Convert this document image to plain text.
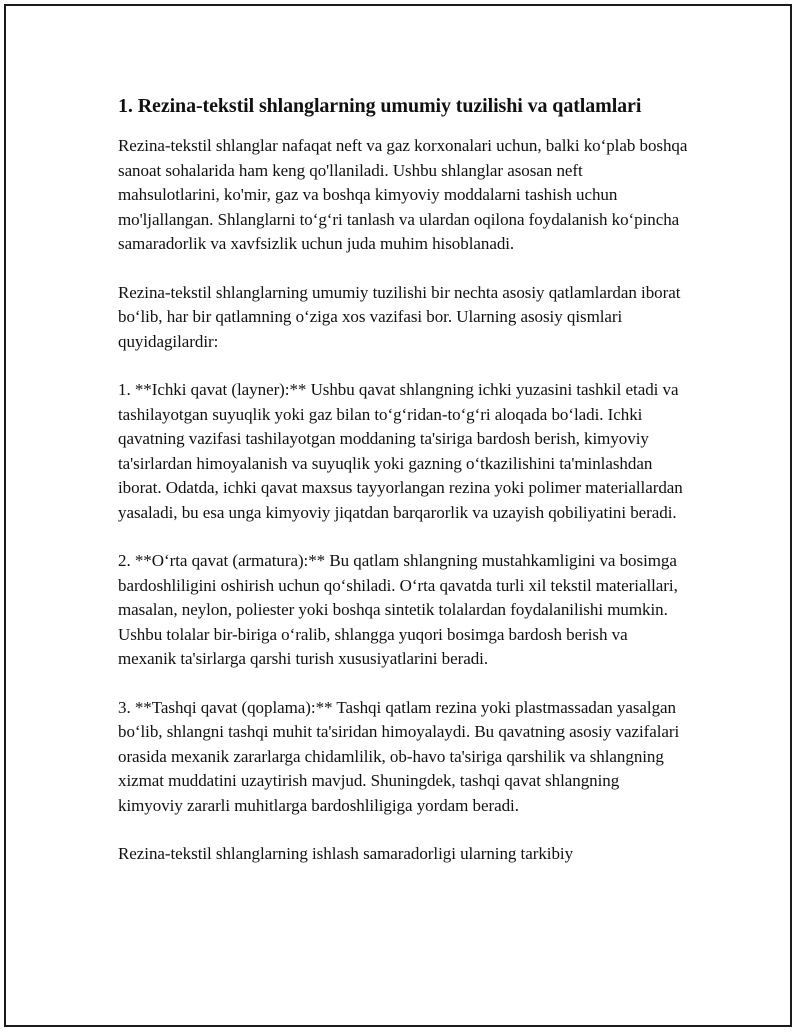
1. Rezina-tekstil shlanglarning umumiy tuzilishi va qatlamlari

Rezina-tekstil shlanglar nafaqat neft va gaz korxonalari uchun, balki ko‘plab boshqa sanoat sohalarida ham keng qo'llaniladi. Ushbu shlanglar asosan neft mahsulotlarini, ko'mir, gaz va boshqa kimyoviy moddalarni tashish uchun mo'ljallangan. Shlanglarni to‘g‘ri tanlash va ulardan oqilona foydalanish ko‘pincha samaradorlik va xavfsizlik uchun juda muhim hisoblanadi.

Rezina-tekstil shlanglarning umumiy tuzilishi bir nechta asosiy qatlamlardan iborat bo‘lib, har bir qatlamning o‘ziga xos vazifasi bor. Ularning asosiy qismlari quyidagilardir:

1. **Ichki qavat (layner):** Ushbu qavat shlangning ichki yuzasini tashkil etadi va tashilayotgan suyuqlik yoki gaz bilan to‘g‘ridan-to‘g‘ri aloqada bo‘ladi. Ichki qavatning vazifasi tashilayotgan moddaning ta'siriga bardosh berish, kimyoviy ta'sirlardan himoyalanish va suyuqlik yoki gazning o‘tkazilishini ta'minlashdan iborat. Odatda, ichki qavat maxsus tayyorlangan rezina yoki polimer materiallardan yasaladi, bu esa unga kimyoviy jiqatdan barqarorlik va uzayish qobiliyatini beradi.

2. **O‘rta qavat (armatura):** Bu qatlam shlangning mustahkamligini va bosimga bardoshliligini oshirish uchun qo‘shiladi. O‘rta qavatda turli xil tekstil materiallari, masalan, neylon, poliester yoki boshqa sintetik tolalardan foydalanilishi mumkin. Ushbu tolalar bir-biriga o‘ralib, shlangga yuqori bosimga bardosh berish va mexanik ta'sirlarga qarshi turish xususiyatlarini beradi.

3. **Tashqi qavat (qoplama):** Tashqi qatlam rezina yoki plastmassadan yasalgan bo‘lib, shlangni tashqi muhit ta'siridan himoyalaydi. Bu qavatning asosiy vazifalari orasida mexanik zararlarga chidamlilik, ob-havo ta'siriga qarshilik va shlangning xizmat muddatini uzaytirish mavjud. Shuningdek, tashqi qavat shlangning kimyoviy zararli muhitlarga bardoshliligiga yordam beradi.

Rezina-tekstil shlanglarning ishlash samaradorligi ularning tarkibiy
